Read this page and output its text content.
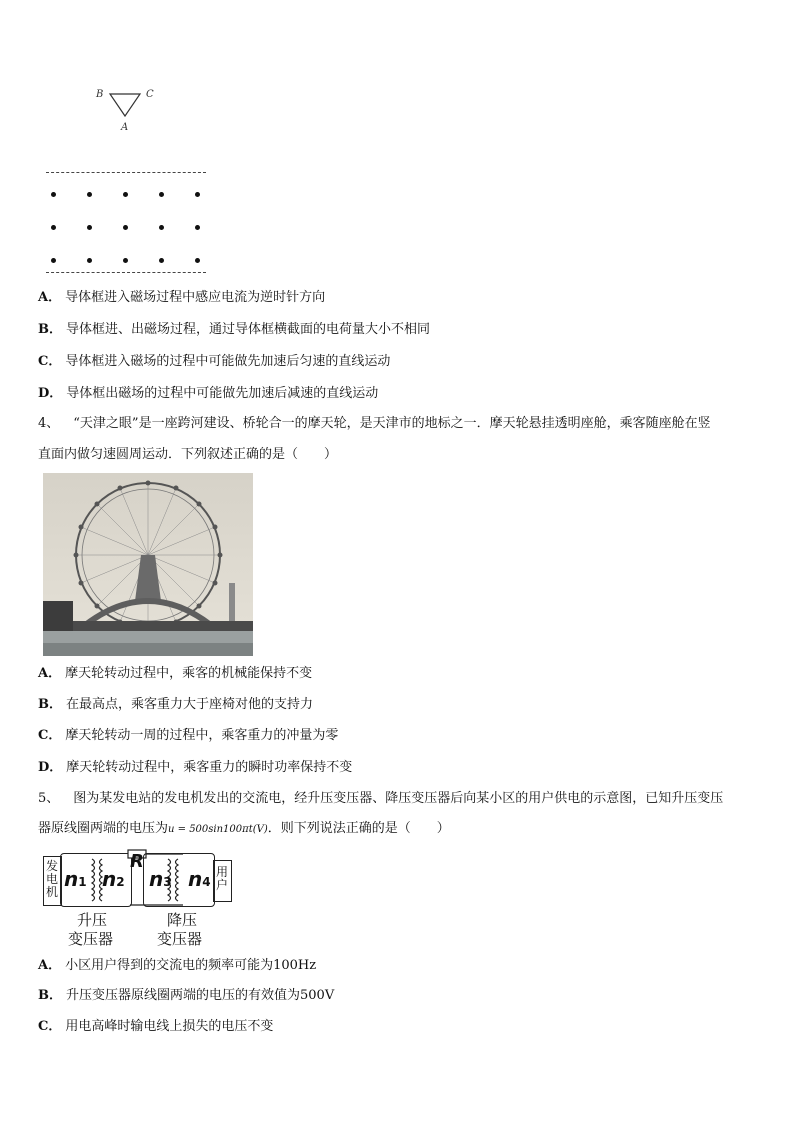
B	C
A
A． 导体框进入磁场过程中感应电流为逆时针方向
B． 导体框进、出磁场过程，通过导体框横截面的电荷量大小不相同
C． 导体框进入磁场的过程中可能做先加速后匀速的直线运动
D． 导体框出磁场的过程中可能做先加速后减速的直线运动
4、 “天津之眼”是一座跨河建设、桥轮合一的摩天轮，是天津市的地标之一．摩天轮悬挂透明座舱，乘客随座舱在竖
直面内做匀速圆周运动．下列叙述正确的是（　　）
A． 摩天轮转动过程中，乘客的机械能保持不变
B． 在最高点，乘客重力大于座椅对他的支持力
C． 摩天轮转动一周的过程中，乘客重力的冲量为零
D． 摩天轮转动过程中，乘客重力的瞬时功率保持不变
5、 图为某发电站的发电机发出的交流电，经升压变压器、降压变压器后向某小区的用户供电的示意图，已知升压变压
器原线圈两端的电压为u = 500sin100πt(V)．则下列说法正确的是（　　）
发电机
n1 n2
R
n3 n4
用户
升压
变压器
降压
变压器
A． 小区用户得到的交流电的频率可能为100Hz
B． 升压变压器原线圈两端的电压的有效值为500V
C． 用电高峰时输电线上损失的电压不变
